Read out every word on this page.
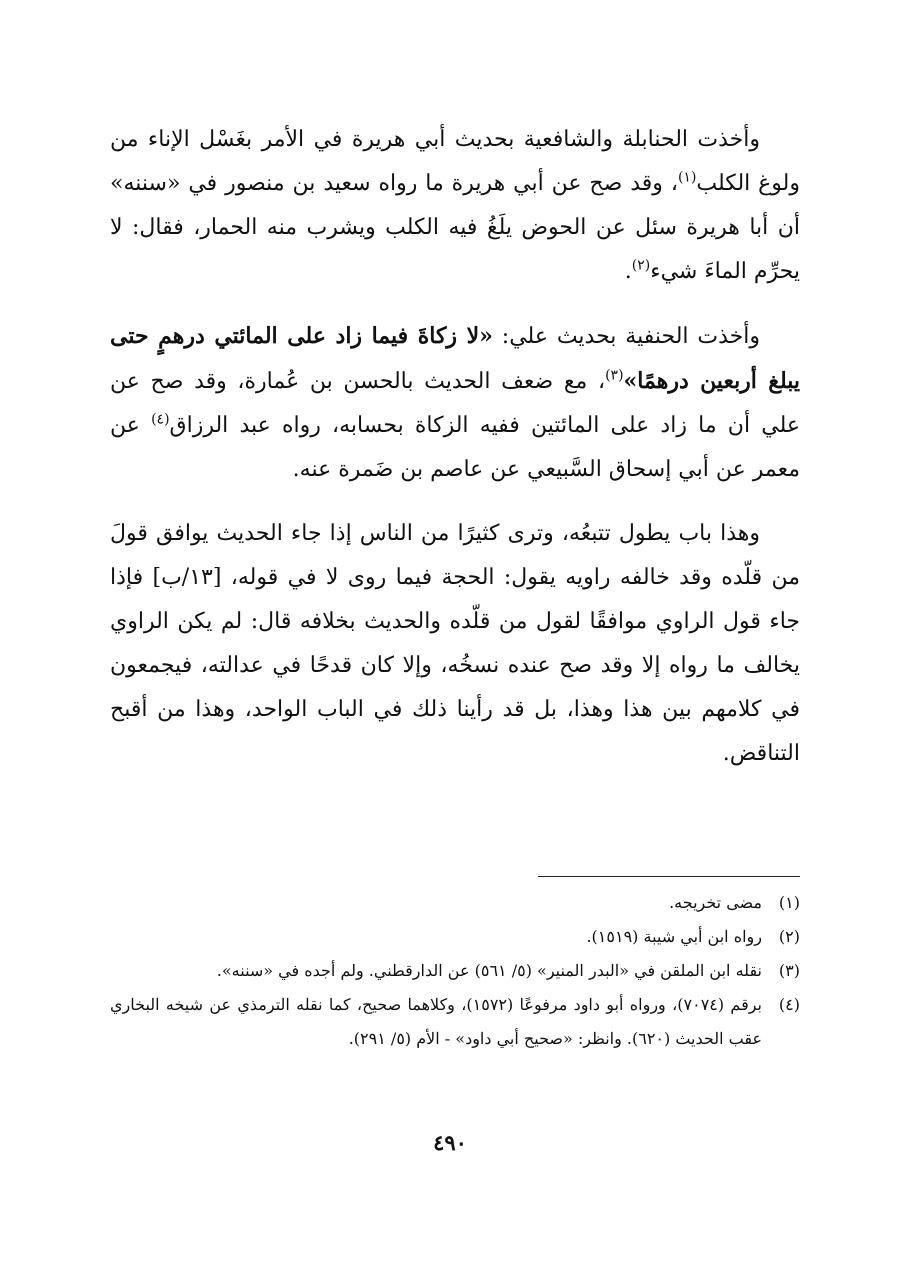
وأخذت الحنابلة والشافعية بحديث أبي هريرة في الأمر بغَسْل الإناء من ولوغ الكلب$^{(١)}$، وقد صح عن أبي هريرة ما رواه سعيد بن منصور في «سننه» أن أبا هريرة سئل عن الحوض يلَغُ فيه الكلب ويشرب منه الحمار، فقال: لا يحرِّم الماءَ شيء$^{(٢)}$.

وأخذت الحنفية بحديث علي: «لا زكاةَ فيما زاد على المائتي درهمٍ حتى يبلغ أربعين درهمًا»$^{(٣)}$، مع ضعف الحديث بالحسن بن عُمارة، وقد صح عن علي أن ما زاد على المائتين ففيه الزكاة بحسابه، رواه عبد الرزاق$^{(٤)}$ عن معمر عن أبي إسحاق السَّبيعي عن عاصم بن ضَمرة عنه.

وهذا باب يطول تتبعُه، وترى كثيرًا من الناس إذا جاء الحديث يوافق قولَ من قلّده وقد خالفه راويه يقول: الحجة فيما روى لا في قوله، [١٣/ب] فإذا جاء قول الراوي موافقًا لقول من قلّده والحديث بخلافه قال: لم يكن الراوي يخالف ما رواه إلا وقد صح عنده نسخُه، وإلا كان قدحًا في عدالته، فيجمعون في كلامهم بين هذا وهذا، بل قد رأينا ذلك في الباب الواحد، وهذا من أقبح التناقض.

(١)
مضى تخريجه.
(٢)
رواه ابن أبي شيبة (١٥١٩).
(٣)
نقله ابن الملقن في «البدر المنير» (٥/ ٥٦١) عن الدارقطني. ولم أجده في «سننه».
(٤)
برقم (٧٠٧٤)، ورواه أبو داود مرفوعًا (١٥٧٢)، وكلاهما صحيح، كما نقله الترمذي عن شيخه البخاري عقب الحديث (٦٢٠). وانظر: «صحيح أبي داود» - الأم (٥/ ٢٩١).
٤٩٠
